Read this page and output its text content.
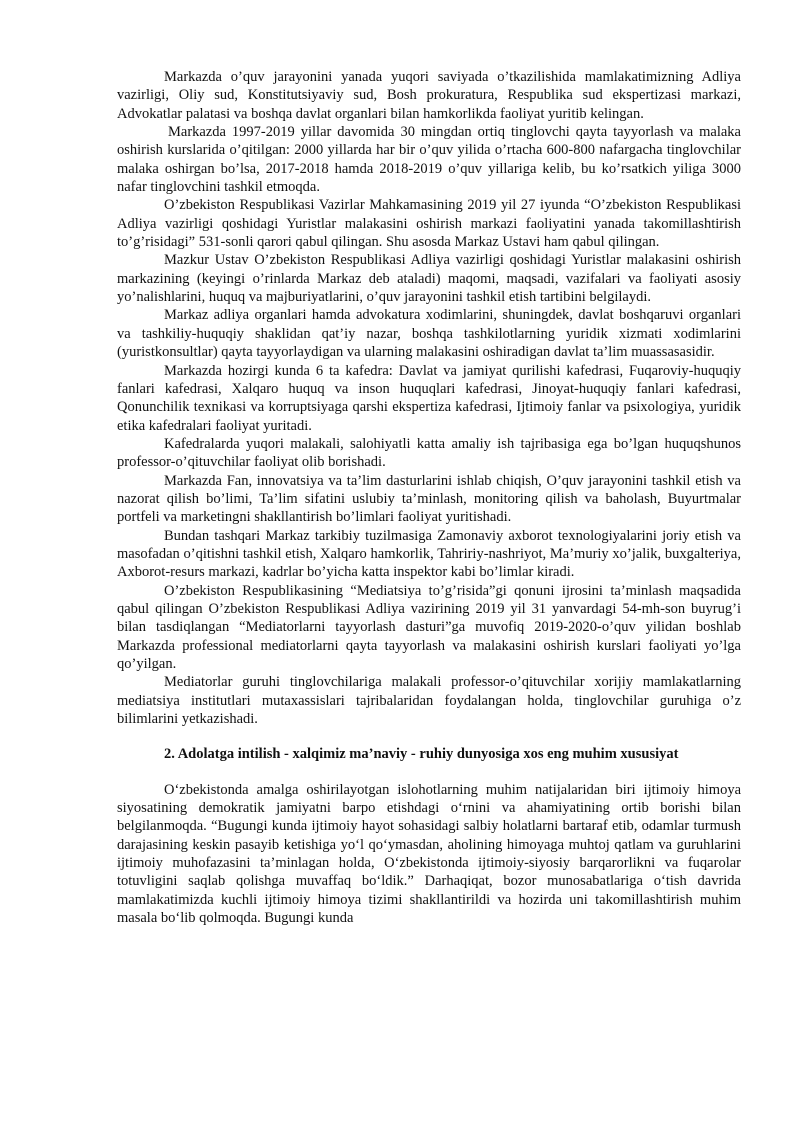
Markazda o’quv jarayonini yanada yuqori saviyada o’tkazilishida mamlakatimizning Adliya vazirligi, Oliy sud, Konstitutsiyaviy sud, Bosh prokuratura, Respublika sud ekspertizasi markazi, Advokatlar palatasi va boshqa davlat organlari bilan hamkorlikda faoliyat yuritib kelingan.

Markazda 1997-2019 yillar davomida 30 mingdan ortiq tinglovchi qayta tayyorlash va malaka oshirish kurslarida o’qitilgan: 2000 yillarda har bir o’quv yilida o’rtacha 600-800 nafargacha tinglovchilar malaka oshirgan bo’lsa, 2017-2018 hamda 2018-2019 o’quv yillariga kelib, bu ko’rsatkich yiliga 3000 nafar tinglovchini tashkil etmoqda.

O’zbekiston Respublikasi Vazirlar Mahkamasining 2019 yil 27 iyunda “O’zbekiston Respublikasi Adliya vazirligi qoshidagi Yuristlar malakasini oshirish markazi faoliyatini yanada takomillashtirish to’g’risidagi” 531-sonli qarori qabul qilingan. Shu asosda Markaz Ustavi ham qabul qilingan.

Mazkur Ustav O’zbekiston Respublikasi Adliya vazirligi qoshidagi Yuristlar malakasini oshirish markazining (keyingi o’rinlarda Markaz deb ataladi) maqomi, maqsadi, vazifalari va faoliyati asosiy yo’nalishlarini, huquq va majburiyatlarini, o’quv jarayonini tashkil etish tartibini belgilaydi.

Markaz adliya organlari hamda advokatura xodimlarini, shuningdek, davlat boshqaruvi organlari va tashkiliy-huquqiy shaklidan qat’iy nazar, boshqa tashkilotlarning yuridik xizmati xodimlarini (yuristkonsultlar) qayta tayyorlaydigan va ularning malakasini oshiradigan davlat ta’lim muassasasidir.

Markazda hozirgi kunda 6 ta kafedra: Davlat va jamiyat qurilishi kafedrasi, Fuqaroviy-huquqiy fanlari kafedrasi, Xalqaro huquq va inson huquqlari kafedrasi, Jinoyat-huquqiy fanlari kafedrasi, Qonunchilik texnikasi va korruptsiyaga qarshi ekspertiza kafedrasi, Ijtimoiy fanlar va psixologiya, yuridik etika kafedralari faoliyat yuritadi.

Kafedralarda yuqori malakali, salohiyatli katta amaliy ish tajribasiga ega bo’lgan huquqshunos professor-o’qituvchilar faoliyat olib borishadi.

Markazda Fan, innovatsiya va ta’lim dasturlarini ishlab chiqish, O’quv jarayonini tashkil etish va nazorat qilish bo’limi, Ta’lim sifatini uslubiy ta’minlash, monitoring qilish va baholash, Buyurtmalar portfeli va marketingni shakllantirish bo’limlari faoliyat yuritishadi.

Bundan tashqari Markaz tarkibiy tuzilmasiga Zamonaviy axborot texnologiyalarini joriy etish va masofadan o’qitishni tashkil etish, Xalqaro hamkorlik, Tahririy-nashriyot, Ma’muriy xo’jalik, buxgalteriya, Axborot-resurs markazi, kadrlar bo’yicha katta inspektor kabi bo’limlar kiradi.

O’zbekiston Respublikasining “Mediatsiya to’g’risida”gi qonuni ijrosini ta’minlash maqsadida qabul qilingan O’zbekiston Respublikasi Adliya vazirining 2019 yil 31 yanvardagi 54-mh-son buyrug’i bilan tasdiqlangan “Mediatorlarni tayyorlash dasturi”ga muvofiq 2019-2020-o’quv yilidan boshlab Markazda professional mediatorlarni qayta tayyorlash va malakasini oshirish kurslari faoliyati yo’lga qo’yilgan.

Mediatorlar guruhi tinglovchilariga malakali professor-o’qituvchilar xorijiy mamlakatlarning mediatsiya institutlari mutaxassislari tajribalaridan foydalangan holda, tinglovchilar guruhiga o’z bilimlarini yetkazishadi.

2. Adolatga intilish - xalqimiz ma’naviy - ruhiy dunyosiga xos eng muhim xususiyat

O‘zbekistonda amalga oshirilayotgan islohotlarning muhim natijalaridan biri ijtimoiy himoya siyosatining demokratik jamiyatni barpo etishdagi o‘rnini va ahamiyatining ortib borishi bilan belgilanmoqda. “Bugungi kunda ijtimoiy hayot sohasidagi salbiy holatlarni bartaraf etib, odamlar turmush darajasining keskin pasayib ketishiga yo‘l qo‘ymasdan, aholining himoyaga muhtoj qatlam va guruhlarini ijtimoiy muhofazasini ta’minlagan holda, O‘zbekistonda ijtimoiy-siyosiy barqarorlikni va fuqarolar totuvligini saqlab qolishga muvaffaq bo‘ldik.” Darhaqiqat, bozor munosabatlariga o‘tish davrida mamlakatimizda kuchli ijtimoiy himoya tizimi shakllantirildi va hozirda uni takomillashtirish muhim masala bo‘lib qolmoqda. Bugungi kunda
